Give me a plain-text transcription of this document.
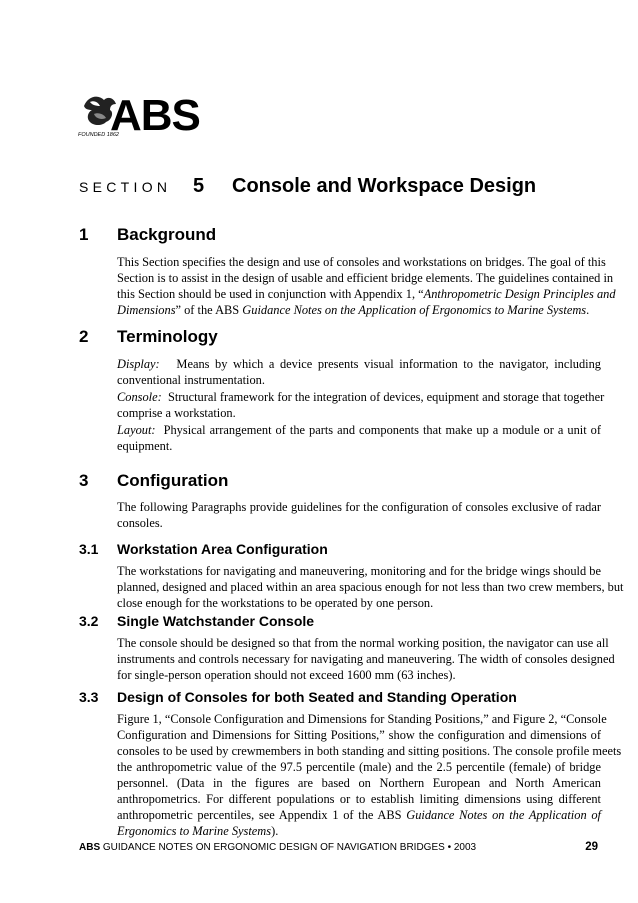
ABS
FOUNDED 1862
SECTION 5 Console and Workspace Design
1 Background
This Section specifies the design and use of consoles and workstations on bridges. The goal of this
Section is to assist in the design of usable and efficient bridge elements. The guidelines contained in
this Section should be used in conjunction with Appendix 1, “Anthropometric Design Principles and
Dimensions” of the ABS Guidance Notes on the Application of Ergonomics to Marine Systems.
2 Terminology
Display: Means by which a device presents visual information to the navigator, including
conventional instrumentation.
Console: Structural framework for the integration of devices, equipment and storage that together
comprise a workstation.
Layout: Physical arrangement of the parts and components that make up a module or a unit of
equipment.
3 Configuration
The following Paragraphs provide guidelines for the configuration of consoles exclusive of radar
consoles.
3.1 Workstation Area Configuration
The workstations for navigating and maneuvering, monitoring and for the bridge wings should be
planned, designed and placed within an area spacious enough for not less than two crew members, but
close enough for the workstations to be operated by one person.
3.2 Single Watchstander Console
The console should be designed so that from the normal working position, the navigator can use all
instruments and controls necessary for navigating and maneuvering. The width of consoles designed
for single-person operation should not exceed 1600 mm (63 inches).
3.3 Design of Consoles for both Seated and Standing Operation
Figure 1, “Console Configuration and Dimensions for Standing Positions,” and Figure 2, “Console
Configuration and Dimensions for Sitting Positions,” show the configuration and dimensions of
consoles to be used by crewmembers in both standing and sitting positions. The console profile meets
the anthropometric value of the 97.5 percentile (male) and the 2.5 percentile (female) of bridge
personnel. (Data in the figures are based on Northern European and North American
anthropometrics. For different populations or to establish limiting dimensions using different
anthropometric percentiles, see Appendix 1 of the ABS Guidance Notes on the Application of
Ergonomics to Marine Systems).
ABS GUIDANCE NOTES ON ERGONOMIC DESIGN OF NAVIGATION BRIDGES • 2003	29
